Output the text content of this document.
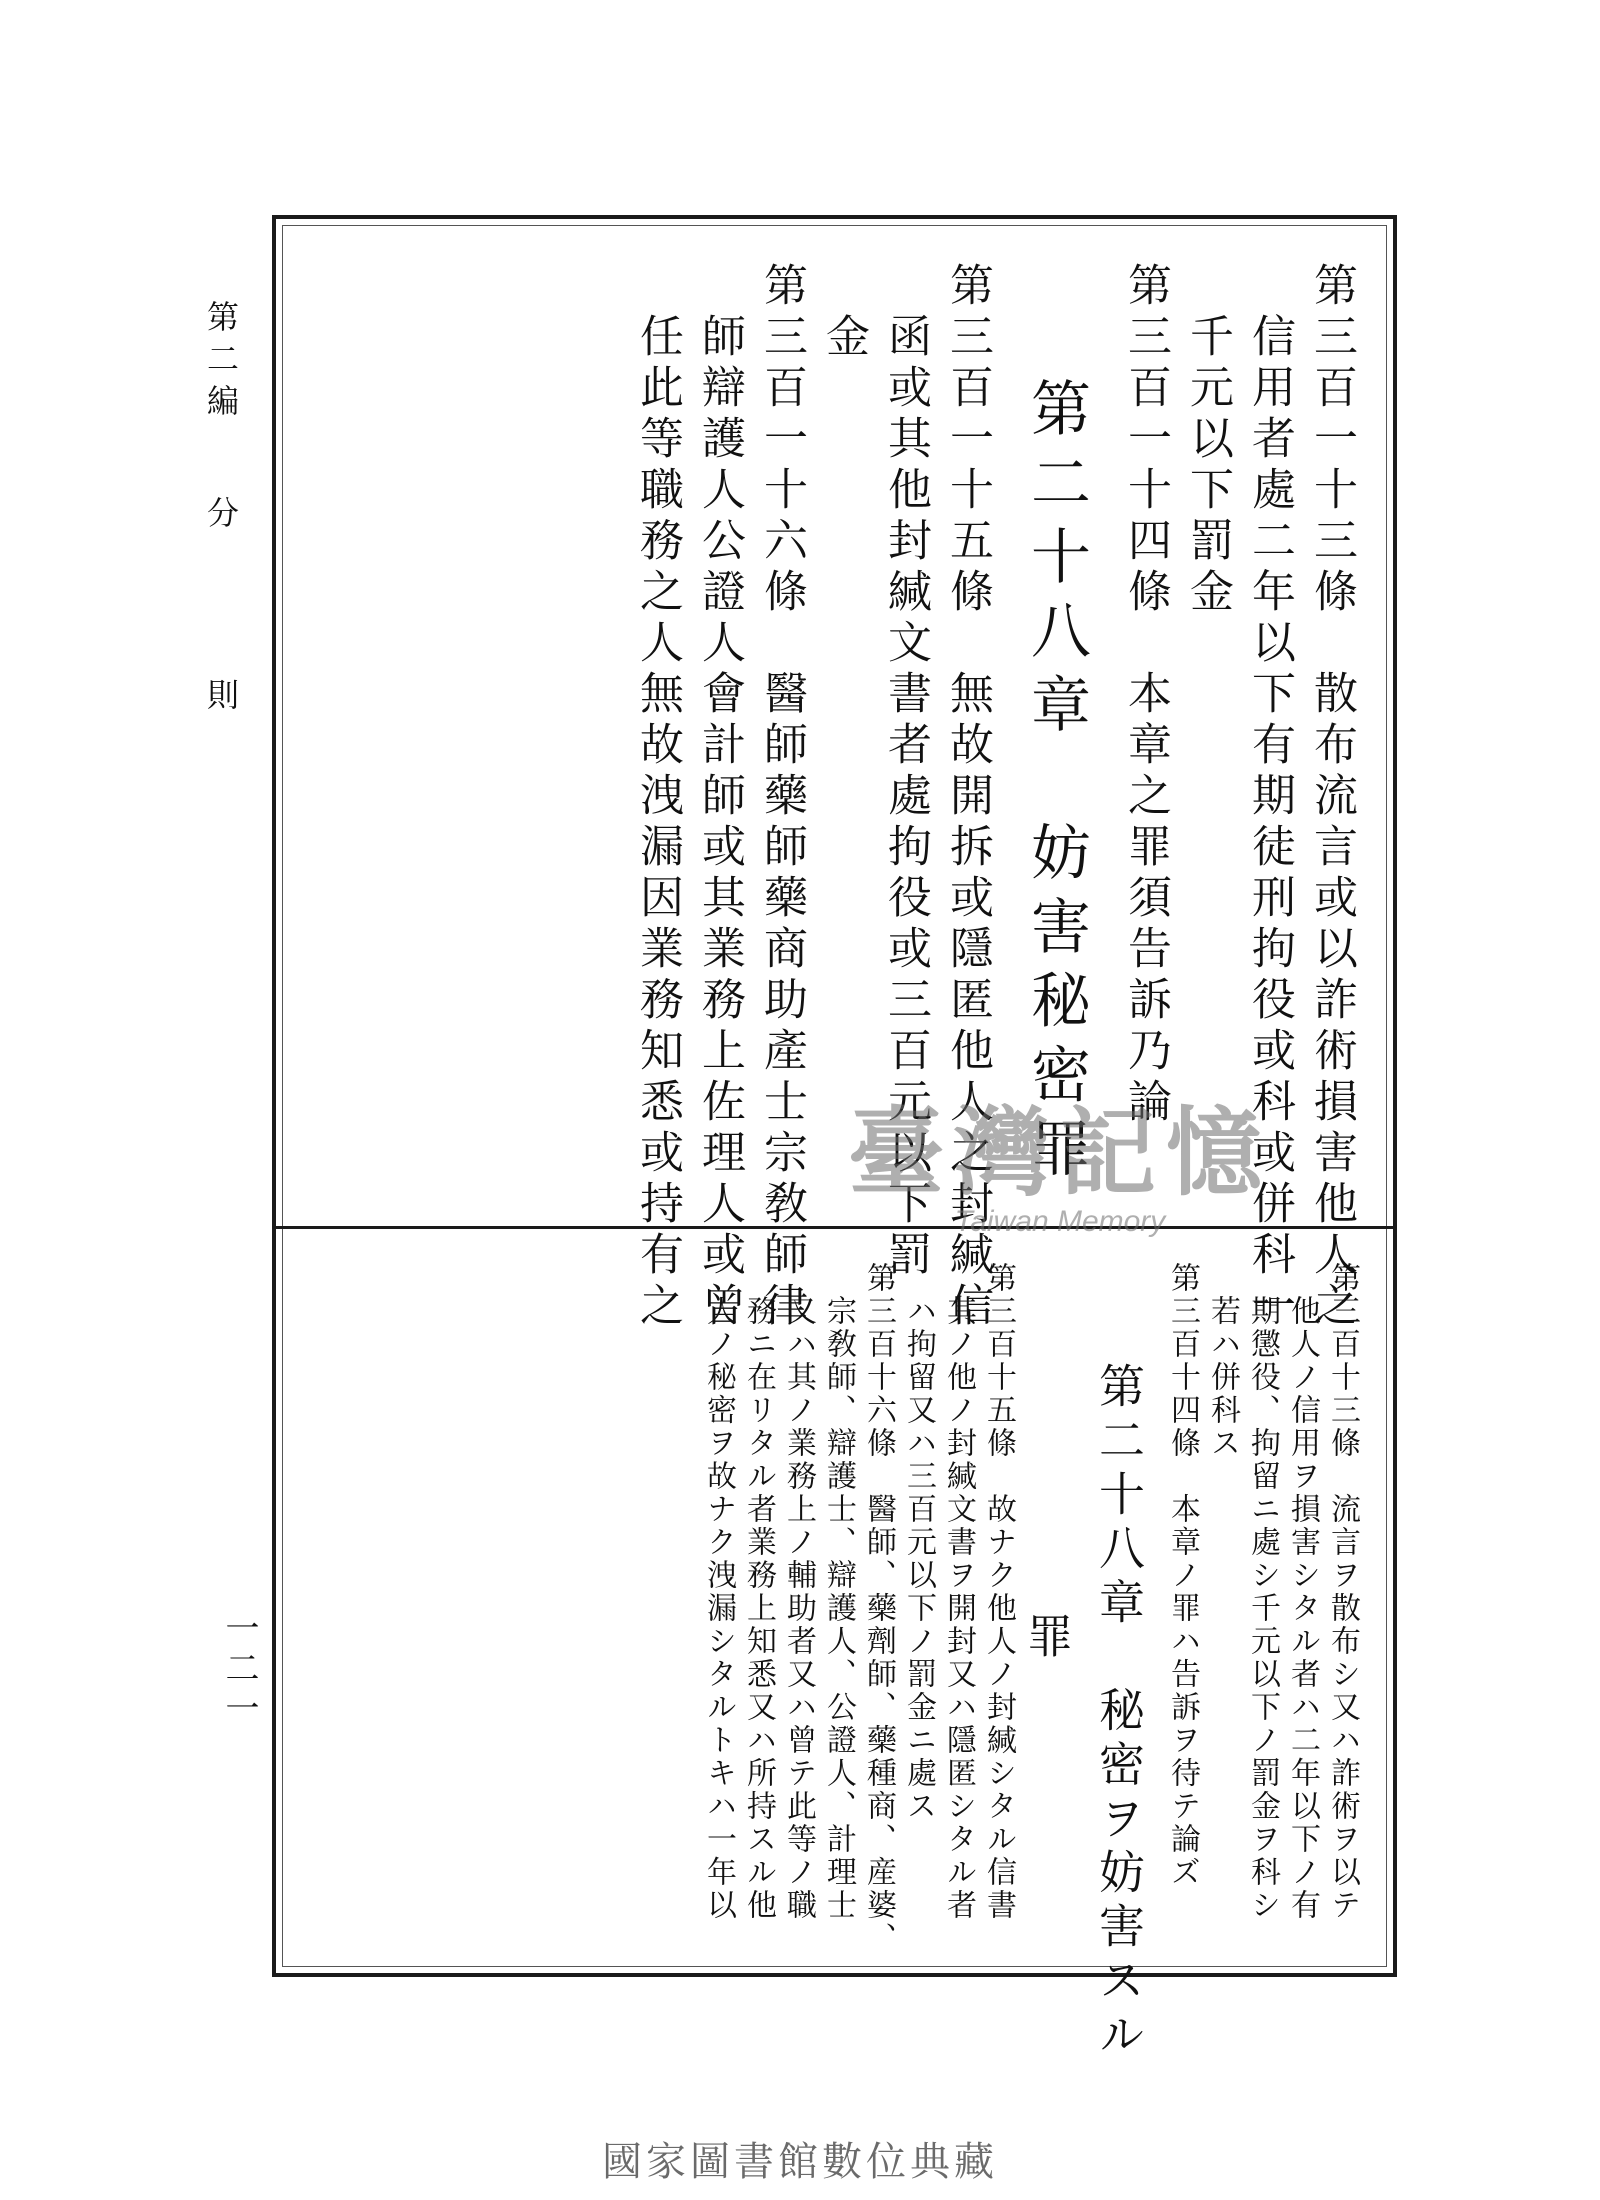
第二編分則
一二一
第三百一十三條　散布流言或以詐術損害他人之
信用者處二年以下有期徒刑拘役或科或併科一
千元以下罰金
第三百一十四條　本章之罪須告訴乃論
第二十八章　妨害秘密罪
第三百一十五條　無故開拆或隱匿他人之封緘信
函或其他封緘文書者處拘役或三百元以下罰
金
第三百一十六條　醫師藥師藥商助產士宗敎師律
師辯護人公證人會計師或其業務上佐理人或曾
任此等職務之人無故洩漏因業務知悉或持有之
第三百十三條　流言ヲ散布シ又ハ詐術ヲ以テ
他人ノ信用ヲ損害シタル者ハ二年以下ノ有
期懲役、拘留ニ處シ千元以下ノ罰金ヲ科シ
若ハ併科ス
第三百十四條　本章ノ罪ハ告訴ヲ待テ論ズ
第二十八章　秘密ヲ妨害スル
罪
第三百十五條　故ナク他人ノ封緘シタル信書
其ノ他ノ封緘文書ヲ開封又ハ隱匿シタル者
ハ拘留又ハ三百元以下ノ罰金ニ處ス
第三百十六條　醫師、藥劑師、藥種商、産婆、
宗敎師、辯護士、辯護人、公證人、計理士
又ハ其ノ業務上ノ輔助者又ハ曾テ此等ノ職
務ニ在リタル者業務上知悉又ハ所持スル他
人ノ秘密ヲ故ナク洩漏シタルトキハ一年以
臺灣記憶
Taiwan Memory
國家圖書館數位典藏
